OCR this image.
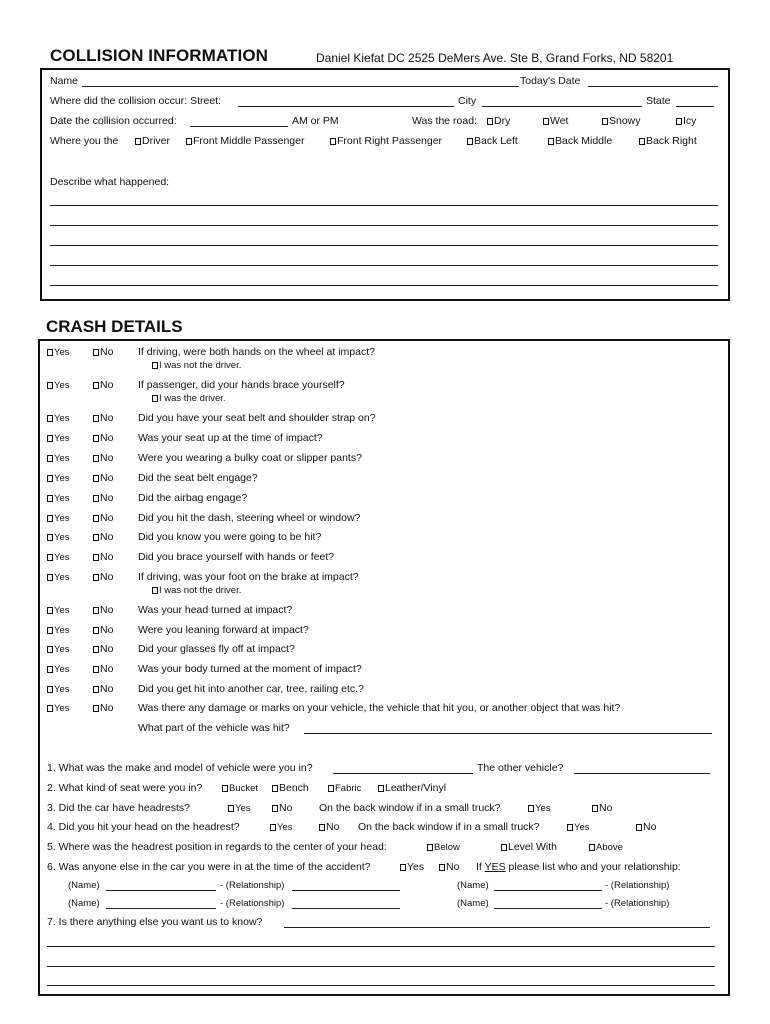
COLLISION INFORMATION	Daniel Kiefat DC 2525 DeMers Ave. Ste B, Grand Forks, ND 58201
Name	Today's Date
Where did the collision occur: Street:	City	State
Date the collision occurred:	AM or PM	Was the road:	Dry	Wet	Snowy	Icy
Where you the	Driver	Front Middle Passenger	Front Right Passenger	Back Left	Back Middle	Back Right
Describe what happened:
CRASH DETAILS
Yes	No If driving, were both hands on the wheel at impact?
I was not the driver.
Yes	No If passenger, did your hands brace yourself?
I was the driver.
Yes	No Did you have your seat belt and shoulder strap on?
Yes	No Was your seat up at the time of impact?
Yes	No Were you wearing a bulky coat or slipper pants?
Yes	No Did the seat belt engage?
Yes	No Did the airbag engage?
Yes	No Did you hit the dash, steering wheel or window?
Yes	No Did you know you were going to be hit?
Yes	No Did you brace yourself with hands or feet?
Yes	No If driving, was your foot on the brake at impact?
I was not the driver.
Yes	No Was your head turned at impact?
Yes	No Were you leaning forward at impact?
Yes	No Did your glasses fly off at impact?
Yes	No Was your body turned at the moment of impact?
Yes	No Did you get hit into another car, tree, railing etc.?
Yes	No Was there any damage or marks on your vehicle, the vehicle that hit you, or another object that was hit?
What part of the vehicle was hit?
1. What was the make and model of vehicle were you in?	The other vehicle?
2. What kind of seat were you in?	Bucket	Bench	Fabric	Leather/Vinyl
3. Did the car have headrests?	Yes	No	On the back window if in a small truck?	Yes	No
4. Did you hit your head on the headrest?	Yes	No On the back window if in a small truck?	Yes	No
5. Where was the headrest position in regards to the center of your head:	Below	Level With	Above
6. Was anyone else in the car you were in at the time of the accident?	Yes	No If YES please list who and your relationship:
(Name)	- (Relationship)	(Name)	- (Relationship)
(Name)	- (Relationship)	(Name)	- (Relationship)
7. Is there anything else you want us to know?
